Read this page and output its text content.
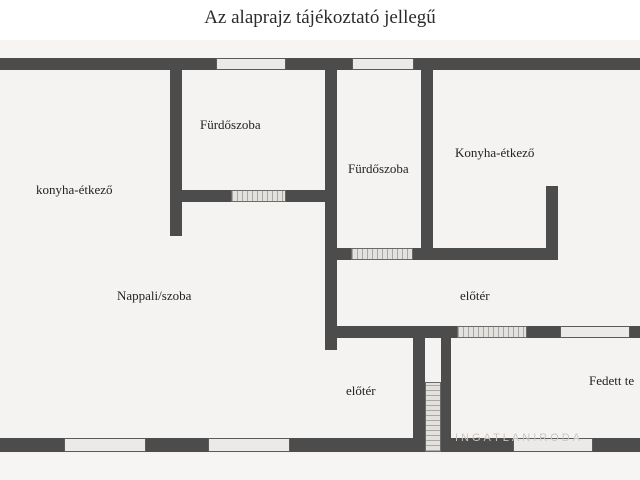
Az alaprajz tájékoztató jellegű
konyha-étkező
Fürdőszoba
Fürdőszoba
Konyha-étkező
Nappali/szoba	előtér
előtér
Fedett te
INGATLANIRODA
